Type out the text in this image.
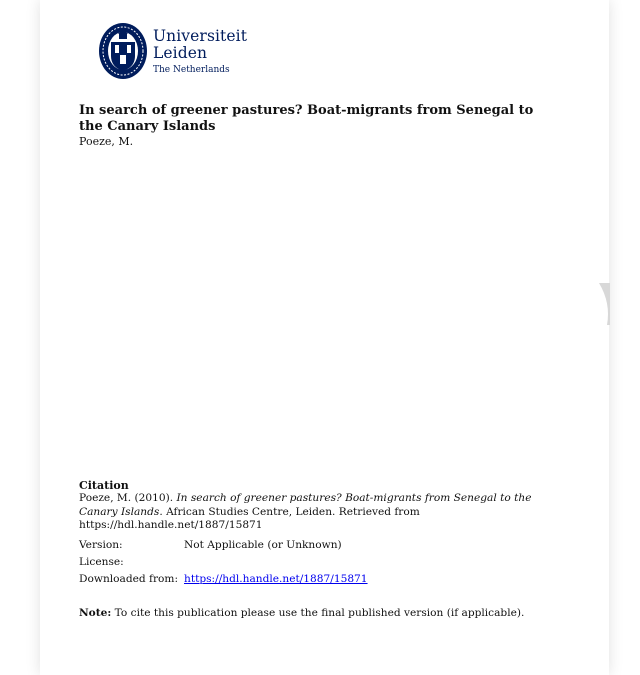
Universiteit
Leiden
The Netherlands
In search of greener pastures? Boat-migrants from Senegal to the Canary Islands
Poeze, M.
Citation
Poeze, M. (2010). In search of greener pastures? Boat-migrants from Senegal to the Canary Islands. African Studies Centre, Leiden. Retrieved from https://hdl.handle.net/1887/15871
Version:	Not Applicable (or Unknown)
License:
Downloaded from: https://hdl.handle.net/1887/15871
Note: To cite this publication please use the final published version (if applicable).
